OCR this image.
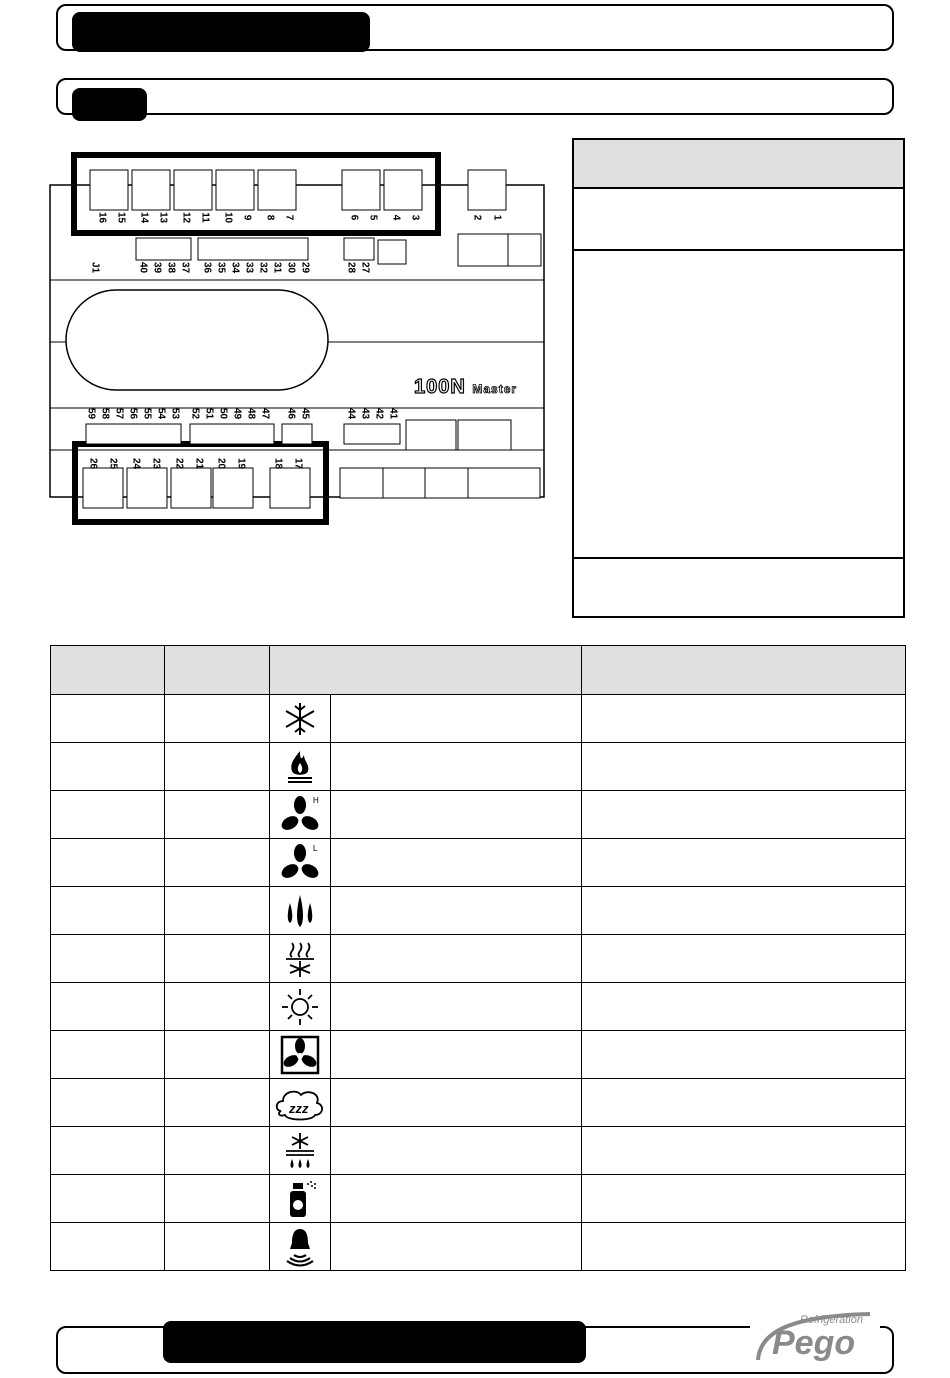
16 15 14 13 12 11 10 9 8 7	6 5 4 3	2 1
J1	40 39 38 37 36 35 34 33 32 31 30 29	28 27
100N Master
59 58 57 56 55 54 53 52 51 50 49 48 47 46 45	44 43 42 41
26 25 24 23 22 21 20 19	18 17

H		

L		

zzz		

Refrigeration
Pego
